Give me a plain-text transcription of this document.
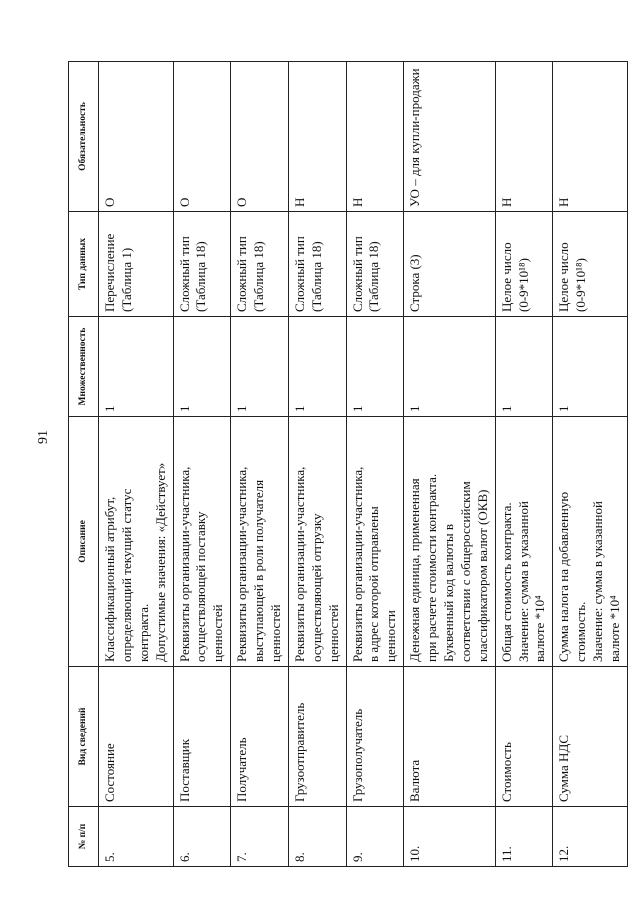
91
№ п/п	Вид сведений	Описание	Множественность	Тип данных	Обязательность
5.	Состояние	Классификационный атрибут, определяющий текущий статус контракта. Допустимые значения: «Действует»	1	Перечисление (Таблица 1)	О
6.	Поставщик	Реквизиты организации-участника, осуществляющей поставку ценностей	1	Сложный тип (Таблица 18)	О
7.	Получатель	Реквизиты организации-участника, выступающей в роли получателя ценностей	1	Сложный тип (Таблица 18)	О
8.	Грузоотправитель	Реквизиты организации-участника, осуществляющей отгрузку ценностей	1	Сложный тип (Таблица 18)	Н
9.	Грузополучатель	Реквизиты организации-участника, в адрес которой отправлены ценности	1	Сложный тип (Таблица 18)	Н
10.	Валюта	Денежная единица, примененная при расчете стоимости контракта. Буквенный код валюты в соответствии с общероссийским классификатором валют (ОКВ)	1	Строка (3)	УО – для купли-продажи
11.	Стоимость	Общая стоимость контракта. Значение: сумма в указанной валюте *10⁴	1	Целое число (0-9*10¹⁸)	Н
12.	Сумма НДС	Сумма налога на добавленную стоимость. Значение: сумма в указанной валюте *10⁴	1	Целое число (0-9*10¹⁸)	Н
